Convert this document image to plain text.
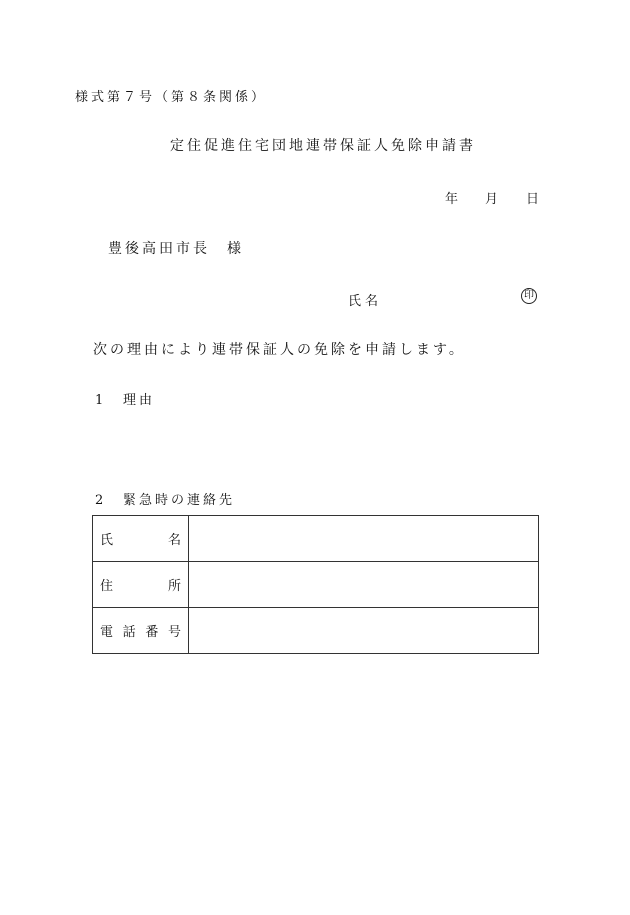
様式第７号（第８条関係）
定住促進住宅団地連帯保証人免除申請書
年 月 日
豊後高田市長　様
氏名	印
次の理由により連帯保証人の免除を申請します。
1 理由
2 緊急時の連絡先
氏 名	

住 所	

電 話 番 号	
